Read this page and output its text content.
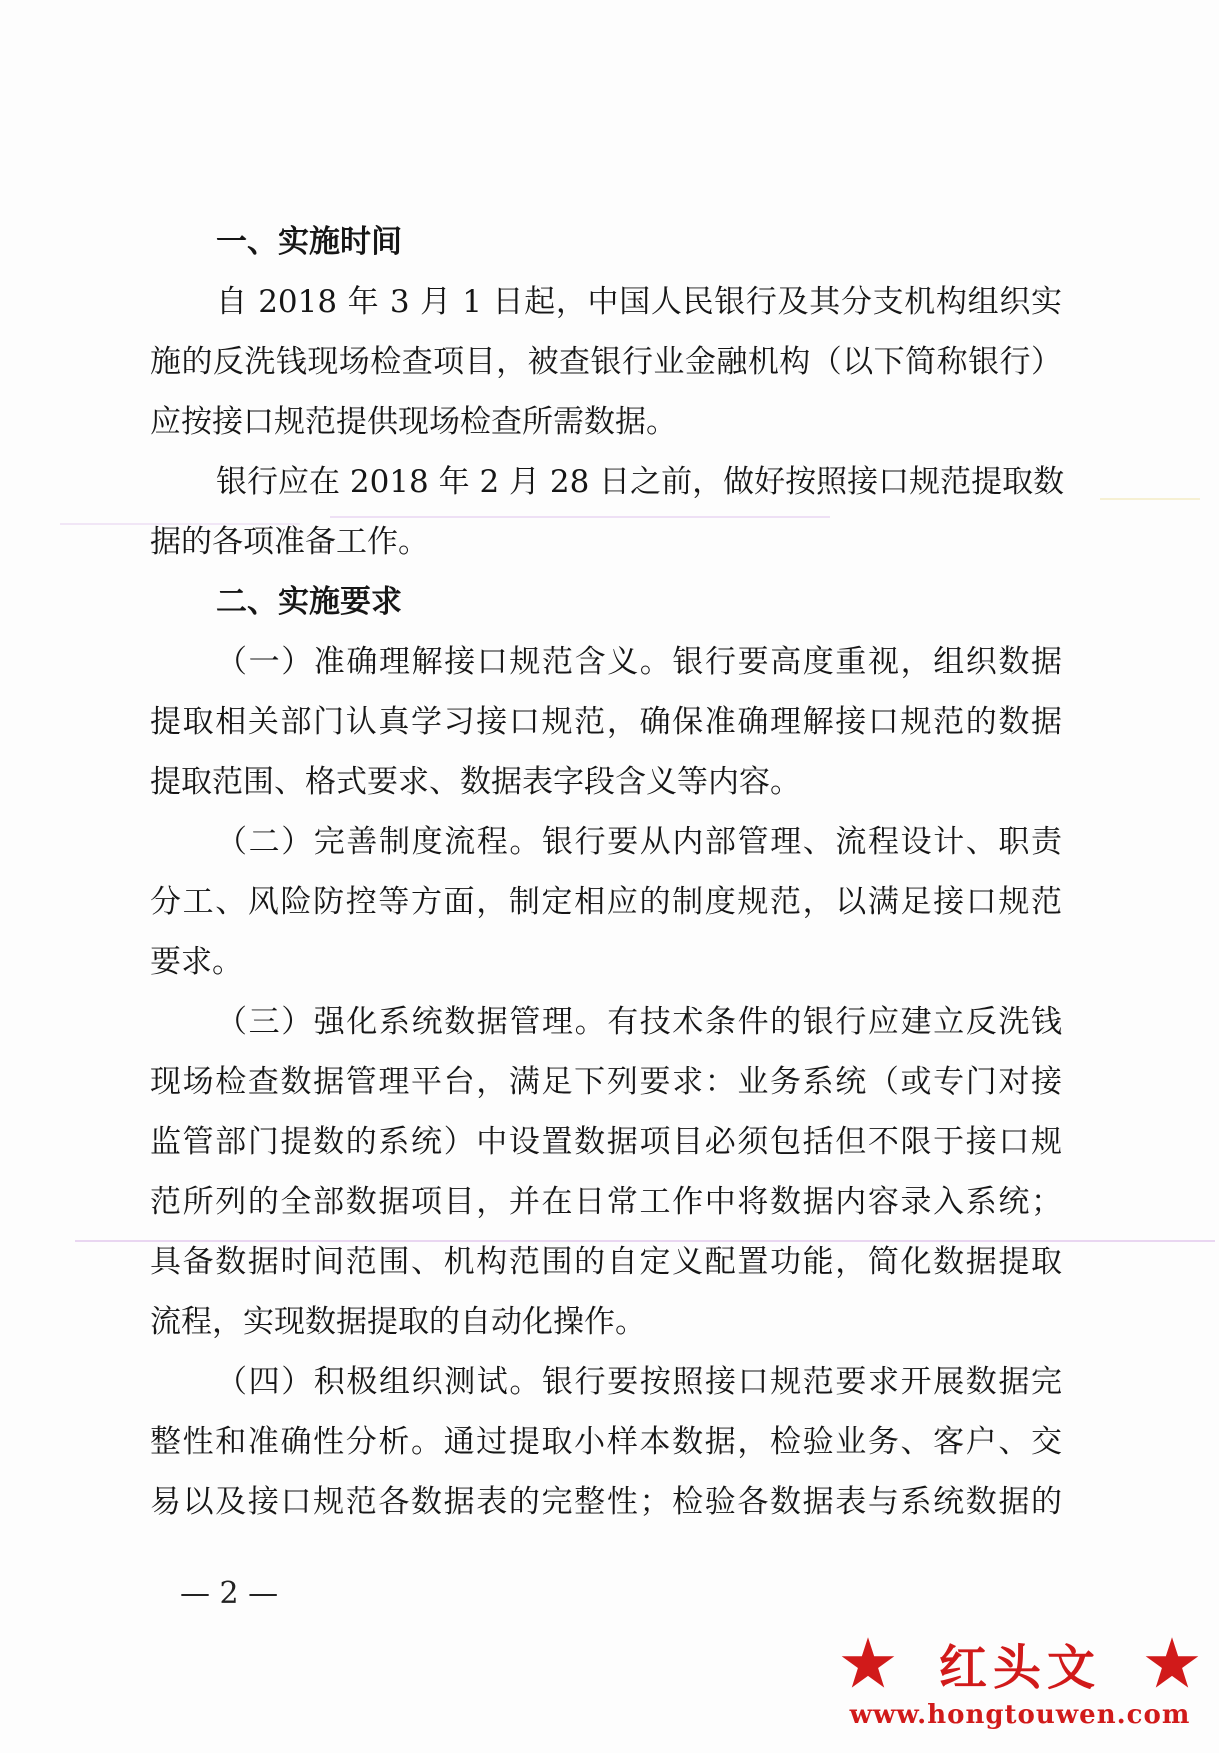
一、实施时间
自 2018 年 3 月 1 日起，中国人民银行及其分支机构组织实
施的反洗钱现场检查项目，被查银行业金融机构（以下简称银行）
应按接口规范提供现场检查所需数据。
银行应在 2018 年 2 月 28 日之前，做好按照接口规范提取数
据的各项准备工作。
二、实施要求
（一）准确理解接口规范含义。银行要高度重视，组织数据
提取相关部门认真学习接口规范，确保准确理解接口规范的数据
提取范围、格式要求、数据表字段含义等内容。
（二）完善制度流程。银行要从内部管理、流程设计、职责
分工、风险防控等方面，制定相应的制度规范，以满足接口规范
要求。
（三）强化系统数据管理。有技术条件的银行应建立反洗钱
现场检查数据管理平台，满足下列要求：业务系统（或专门对接
监管部门提数的系统）中设置数据项目必须包括但不限于接口规
范所列的全部数据项目，并在日常工作中将数据内容录入系统；
具备数据时间范围、机构范围的自定义配置功能，简化数据提取
流程，实现数据提取的自动化操作。
（四）积极组织测试。银行要按照接口规范要求开展数据完
整性和准确性分析。通过提取小样本数据，检验业务、客户、交
易以及接口规范各数据表的完整性；检验各数据表与系统数据的
— 2 —
红头文
www.hongtouwen.com
